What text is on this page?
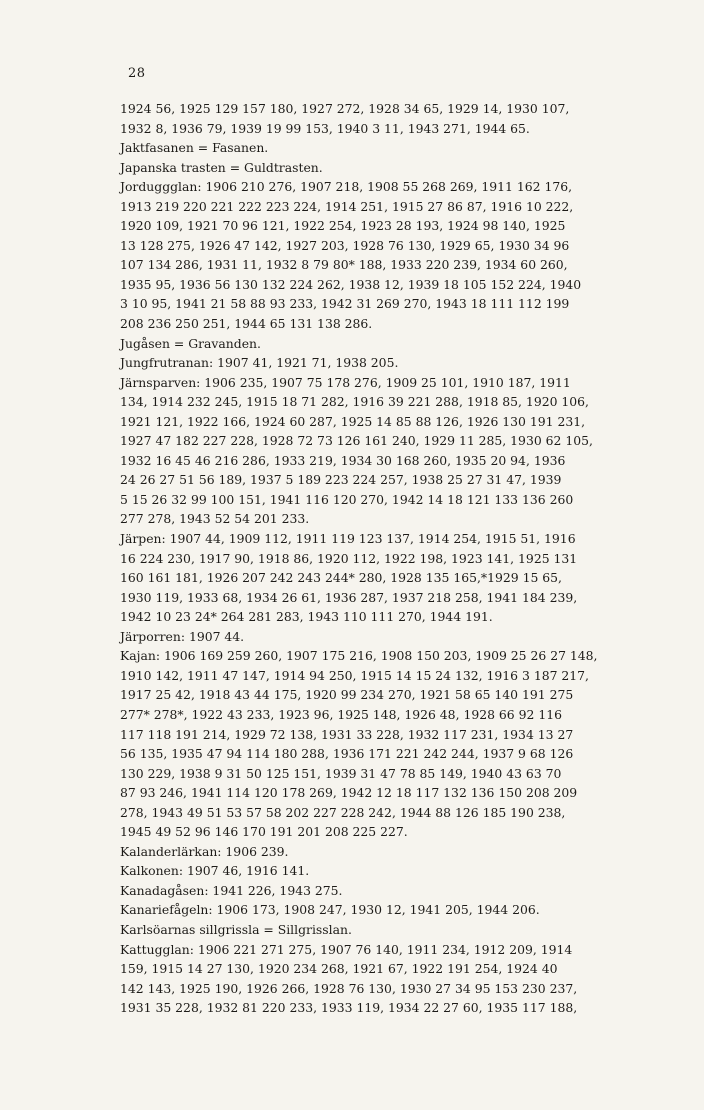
28
1924 56, 1925 129 157 180, 1927 272, 1928 34 65, 1929 14, 1930 107,
1932 8, 1936 79, 1939 19 99 153, 1940 3 11, 1943 271, 1944 65.
Jaktfasanen = Fasanen.
Japanska trasten = Guldtrasten.
Jorduggglan: 1906 210 276, 1907 218, 1908 55 268 269, 1911 162 176,
1913 219 220 221 222 223 224, 1914 251, 1915 27 86 87, 1916 10 222,
1920 109, 1921 70 96 121, 1922 254, 1923 28 193, 1924 98 140, 1925
13 128 275, 1926 47 142, 1927 203, 1928 76 130, 1929 65, 1930 34 96
107 134 286, 1931 11, 1932 8 79 80* 188, 1933 220 239, 1934 60 260,
1935 95, 1936 56 130 132 224 262, 1938 12, 1939 18 105 152 224, 1940
3 10 95, 1941 21 58 88 93 233, 1942 31 269 270, 1943 18 111 112 199
208 236 250 251, 1944 65 131 138 286.
Jugåsen = Gravanden.
Jungfrutranan: 1907 41, 1921 71, 1938 205.
Järnsparven: 1906 235, 1907 75 178 276, 1909 25 101, 1910 187, 1911
134, 1914 232 245, 1915 18 71 282, 1916 39 221 288, 1918 85, 1920 106,
1921 121, 1922 166, 1924 60 287, 1925 14 85 88 126, 1926 130 191 231,
1927 47 182 227 228, 1928 72 73 126 161 240, 1929 11 285, 1930 62 105,
1932 16 45 46 216 286, 1933 219, 1934 30 168 260, 1935 20 94, 1936
24 26 27 51 56 189, 1937 5 189 223 224 257, 1938 25 27 31 47, 1939
5 15 26 32 99 100 151, 1941 116 120 270, 1942 14 18 121 133 136 260
277 278, 1943 52 54 201 233.
Järpen: 1907 44, 1909 112, 1911 119 123 137, 1914 254, 1915 51, 1916
16 224 230, 1917 90, 1918 86, 1920 112, 1922 198, 1923 141, 1925 131
160 161 181, 1926 207 242 243 244* 280, 1928 135 165,*1929 15 65,
1930 119, 1933 68, 1934 26 61, 1936 287, 1937 218 258, 1941 184 239,
1942 10 23 24* 264 281 283, 1943 110 111 270, 1944 191.
Järporren: 1907 44.
Kajan: 1906 169 259 260, 1907 175 216, 1908 150 203, 1909 25 26 27 148,
1910 142, 1911 47 147, 1914 94 250, 1915 14 15 24 132, 1916 3 187 217,
1917 25 42, 1918 43 44 175, 1920 99 234 270, 1921 58 65 140 191 275
277* 278*, 1922 43 233, 1923 96, 1925 148, 1926 48, 1928 66 92 116
117 118 191 214, 1929 72 138, 1931 33 228, 1932 117 231, 1934 13 27
56 135, 1935 47 94 114 180 288, 1936 171 221 242 244, 1937 9 68 126
130 229, 1938 9 31 50 125 151, 1939 31 47 78 85 149, 1940 43 63 70
87 93 246, 1941 114 120 178 269, 1942 12 18 117 132 136 150 208 209
278, 1943 49 51 53 57 58 202 227 228 242, 1944 88 126 185 190 238,
1945 49 52 96 146 170 191 201 208 225 227.
Kalanderlärkan: 1906 239.
Kalkonen: 1907 46, 1916 141.
Kanadagåsen: 1941 226, 1943 275.
Kanariefågeln: 1906 173, 1908 247, 1930 12, 1941 205, 1944 206.
Karlsöarnas sillgrissla = Sillgrisslan.
Kattugglan: 1906 221 271 275, 1907 76 140, 1911 234, 1912 209, 1914
159, 1915 14 27 130, 1920 234 268, 1921 67, 1922 191 254, 1924 40
142 143, 1925 190, 1926 266, 1928 76 130, 1930 27 34 95 153 230 237,
1931 35 228, 1932 81 220 233, 1933 119, 1934 22 27 60, 1935 117 188,
